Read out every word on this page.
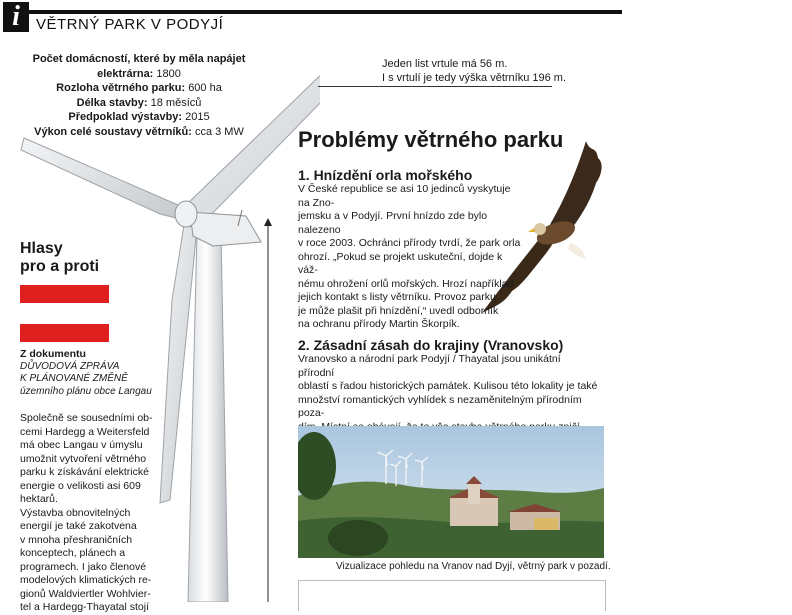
i	VĚTRNÝ PARK V PODYJÍ
Počet domácností, které by měla napájet elektrárna: 1800
Rozloha větrného parku: 600 ha
Délka stavby: 18 měsíců
Předpoklad výstavby: 2015
Výkon celé soustavy větrníků: cca 3 MW
Jeden list vrtule má 56 m.
I s vrtulí je tedy výška větrníku 196 m.
Problémy větrného parku
1. Hnízdění orla mořského
V České republice se asi 10 jedinců vyskytuje na Zno-
jemsku a v Podyjí. První hnízdo zde bylo nalezeno
v roce 2003. Ochránci přírody tvrdí, že park orla
ohrozí. „Pokud se projekt uskuteční, dojde k váž-
nému ohrožení orlů mořských. Hrozí například
jejich kontakt s listy větrníku. Provoz parku
je může plašit při hnízdění,“ uvedl odborník
na ochranu přírody Martin Škorpík.
2. Zásadní zásah do krajiny (Vranovsko)
Vranovsko a národní park Podyjí / Thayatal jsou unikátní přírodní
oblastí s řadou historických památek. Kulisou této lokality je také
množství romantických vyhlídek s nezaměnitelným přírodním poza-
Vizualizace pohledu na Vranov nad Dyjí, větrný park v pozadí.
Hlasy
pro a proti
Z dokumentu
DŮVODOVÁ ZPRÁVA
K PLÁNOVANÉ ZMĚNĚ
územního plánu obce Langau
Společně se sousedními ob-
cemi Hardegg a Weitersfeld
má obec Langau v úmyslu
umožnit vytvoření větrného
parku k získávání elektrické
energie o velikosti asi 609
hektarů.
Výstavba obnovitelných
energií je také zakotvena
v mnoha přeshraničních
konceptech, plánech a
programech. I jako členové
modelových klimatických re-
gionů Waldviertler Wohlvier-
tel a Hardegg-Thayatal stojí
